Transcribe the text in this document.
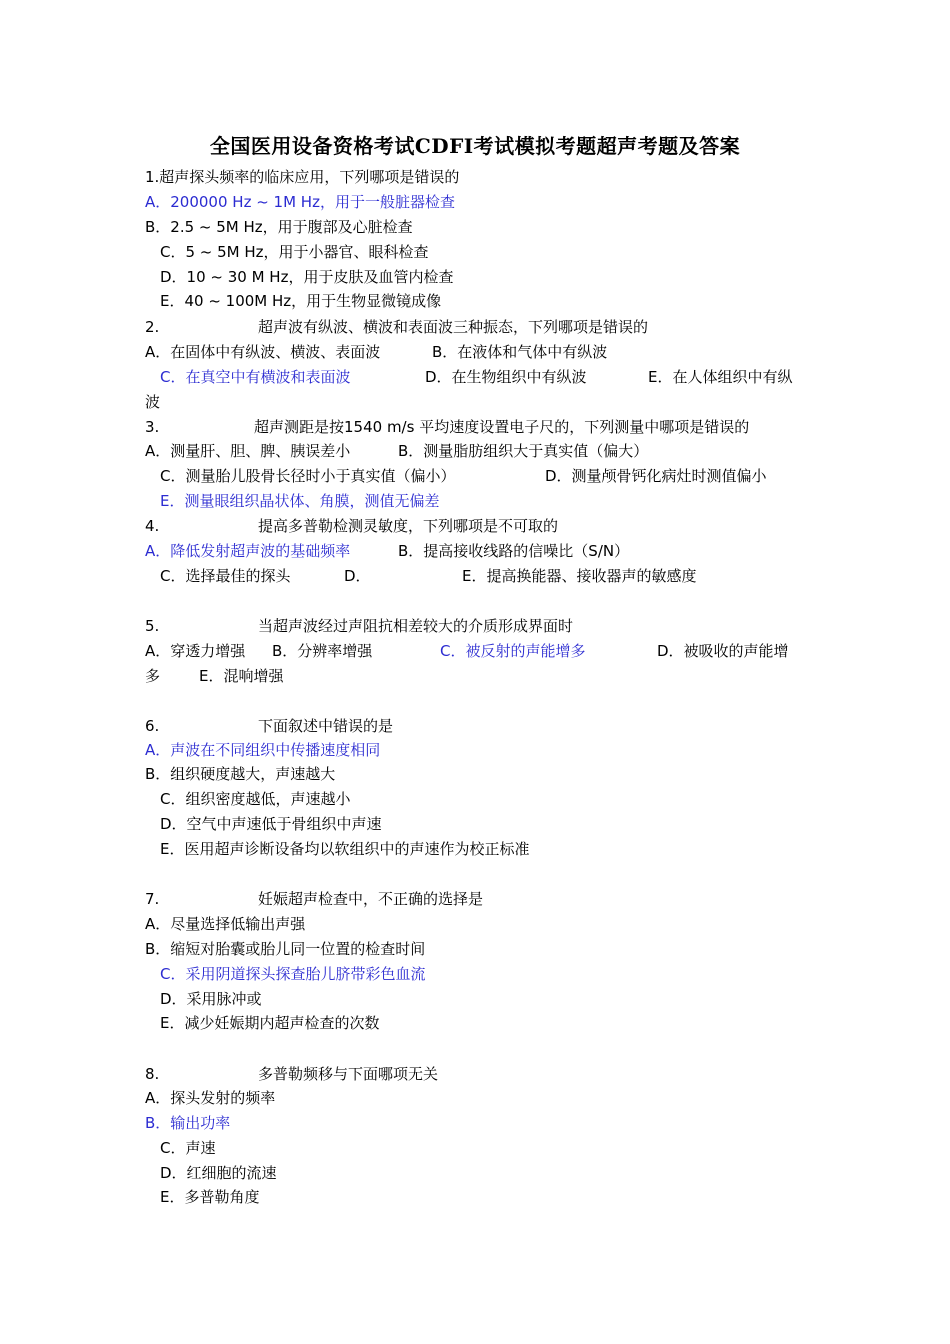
全国医用设备资格考试CDFI考试模拟考题超声考题及答案
1.超声探头频率的临床应用，下列哪项是错误的
A．200000 Hz ~ 1M Hz，用于一般脏器检查
B．2.5 ~ 5M Hz，用于腹部及心脏检查
C．5 ~ 5M Hz，用于小器官、眼科检查
D．10 ~ 30 M Hz，用于皮肤及血管内检查
E．40 ~ 100M Hz，用于生物显微镜成像
2.	超声波有纵波、横波和表面波三种振态，下列哪项是错误的
A．在固体中有纵波、横波、表面波	B．在液体和气体中有纵波
C．在真空中有横波和表面波	D．在生物组织中有纵波	E．在人体组织中有纵
波
3.	超声测距是按1540 m/s 平均速度设置电子尺的，下列测量中哪项是错误的
A．测量肝、胆、脾、胰误差小	B．测量脂肪组织大于真实值（偏大）
C．测量胎儿股骨长径时小于真实值（偏小）	D．测量颅骨钙化病灶时测值偏小
E．测量眼组织晶状体、角膜，测值无偏差
4.	提高多普勒检测灵敏度，下列哪项是不可取的
A．降低发射超声波的基础频率	B．提高接收线路的信噪比（S/N）
C．选择最佳的探头	D．	E．提高换能器、接收器声的敏感度
5.	当超声波经过声阻抗相差较大的介质形成界面时
A．穿透力增强 B．分辨率增强	C．被反射的声能增多	D．被吸收的声能增
多	E．混响增强
6.	下面叙述中错误的是
A．声波在不同组织中传播速度相同
B．组织硬度越大，声速越大
C．组织密度越低，声速越小
D．空气中声速低于骨组织中声速
E．医用超声诊断设备均以软组织中的声速作为校正标准
7.	妊娠超声检查中，不正确的选择是
A．尽量选择低输出声强
B．缩短对胎囊或胎儿同一位置的检查时间
C．采用阴道探头探查胎儿脐带彩色血流
D．采用脉冲或
E．减少妊娠期内超声检查的次数
8.	多普勒频移与下面哪项无关
A．探头发射的频率
B．输出功率
C．声速
D．红细胞的流速
E．多普勒角度
